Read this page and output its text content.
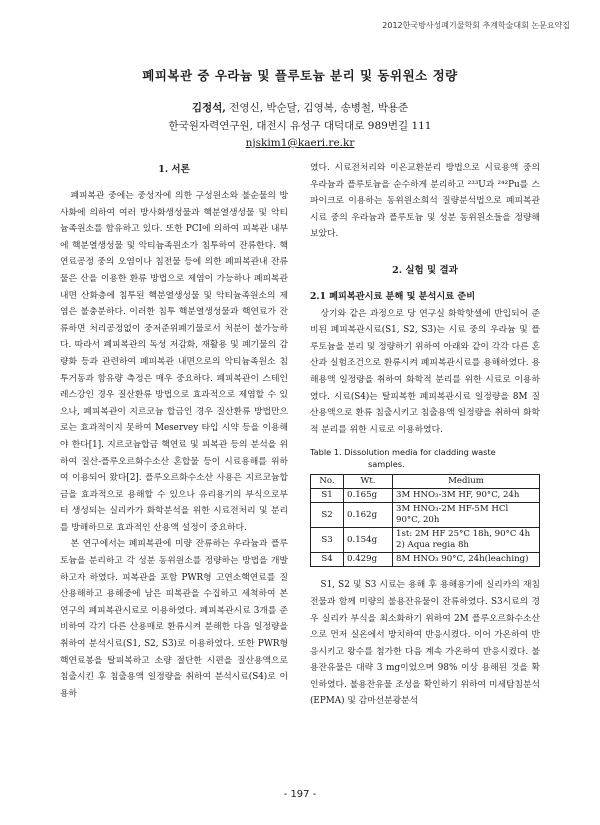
2012한국방사성폐기물학회 추계학술대회 논문요약집
폐피복관 중 우라늄 및 플루토늄 분리 및 동위원소 정량
김정석, 전영신, 박순달, 김영복, 송병철, 박용준
한국원자력연구원, 대전시 유성구 대덕대로 989번길 111
njskim1@kaeri.re.kr
1. 서론

폐피복관 중에는 중성자에 의한 구성원소와 불순물의 방사화에 의하여 여러 방사화생성물과 핵분열생성물 및 악티늄족원소를 함유하고 있다. 또한 PCI에 의하여 피복관 내부에 핵분열생성물 및 악티늄족원소가 침투하여 잔류한다. 핵연료공정 중의 오염이나 침전물 등에 의한 폐피복관내 잔류물은 산을 이용한 환류 방법으로 제염이 가능하나 폐피복관 내면 산화층에 침투된 핵분열생성물 및 악티늄족원소의 제염은 불충분하다. 이러한 침투 핵분열생성물과 핵연료가 잔류하면 처리공정없이 중저준위폐기물로서 처분이 불가능하다. 따라서 폐피복관의 독성 저감화, 재활용 및 폐기물의 감량화 등과 관련하여 폐피복관 내면으로의 악티늄족원소 침투거동과 함유량 측정은 매우 중요하다. 폐피복관이 스테인레스강인 경우 질산환류 방법으로 효과적으로 제염할 수 있으나, 폐피복관이 지르코늄 합금인 경우 질산환류 방법만으로는 효과적이지 못하여 Meservey 타입 시약 등을 이용해야 한다[1]. 지르코늄합금 핵연료 및 피복관 등의 분석을 위하여 질산-플루오르화수소산 혼합물 등이 시료용해를 위하여 이용되어 왔다[2]. 플루오르화수소산 사용은 지르코늄합금을 효과적으로 용해할 수 있으나 유리용기의 부식으로부터 생성되는 실리카가 화학분석을 위한 시료전처리 및 분리를 방해하므로 효과적인 산용액 설정이 중요하다.

본 연구에서는 폐피복관에 미량 잔류하는 우라늄과 플루토늄을 분리하고 각 성분 동위원소를 정량하는 방법을 개발하고자 하였다. 피복관을 포함 PWR형 고연소핵연료를 질산용해하고 용해중에 남은 피복관을 수집하고 세척하여 본 연구의 폐피복관시료로 이용하였다. 폐피복관시료 3개를 준비하여 각기 다른 산용매로 환류시켜 분해한 다음 일정량을 취하여 분석시료(S1, S2, S3)로 이용하였다. 또한 PWR형 핵연료봉을 탈피복하고 소량 절단한 시편을 질산용액으로 침출시킨 후 침출용액 일정량을 취하여 분석시료(S4)로 이용하

였다. 시료전처리와 이온교환분리 방법으로 시료용액 중의 우라늄과 플루토늄을 순수하게 분리하고 ²³³U과 ²⁴²Pu를 스파이크로 이용하는 동위원소희석 질량분석법으로 폐피복관시료 중의 우라늄과 플루토늄 및 성분 동위원소들을 정량해 보았다.

2. 실험 및 결과
2.1 폐피복관시료 분해 및 분석시료 준비

상기와 같은 과정으로 당 연구실 화학핫셀에 반입되어 준비된 폐피복관시료(S1, S2, S3)는 시료 중의 우라늄 및 플루토늄을 분리 및 정량하기 위하여 아래와 같이 각각 다른 혼산과 실험조건으로 환류시켜 폐피복관시료를 용해하였다. 용해용액 일정량을 취하여 화학적 분리를 위한 시료로 이용하였다. 시료(S4)는 탈피복한 폐피복관시료 일정량을 8M 질산용액으로 환류 침출시키고 침출용액 일정량을 취하여 화학적 분리를 위한 시료로 이용하였다.

Table 1. Dissolution media for cladding waste
samples.
No.	Wt.	Medium
S1	0.165g	3M HNO₃-3M HF, 90°C, 24h
S2	0.162g	3M HNO₃-2M HF-5M HCl
90°C, 20h
S3	0.154g	1st: 2M HF 25°C 18h, 90°C 4h
2) Aqua regia 8h
S4	0.429g	8M HNO₃ 90°C, 24h(leaching)

S1, S2 및 S3 시료는 용해 후 용해용기에 실리카의 재침전물과 함께 미량의 불용잔유물이 잔류하였다. S3시료의 경우 실리카 부식을 최소화하기 위하여 2M 플루오르화수소산으로 먼저 실온에서 방치하여 반응시켰다. 이어 가온하여 반응시키고 왕수를 첨가한 다음 계속 가온하여 반응시켰다. 불용잔유물은 대략 3 mg이었으며 98% 이상 용해된 것을 확인하였다. 불용잔유물 조성을 확인하기 위하여 미세탐침분석(EPMA) 및 감마선분광분석

- 197 -
